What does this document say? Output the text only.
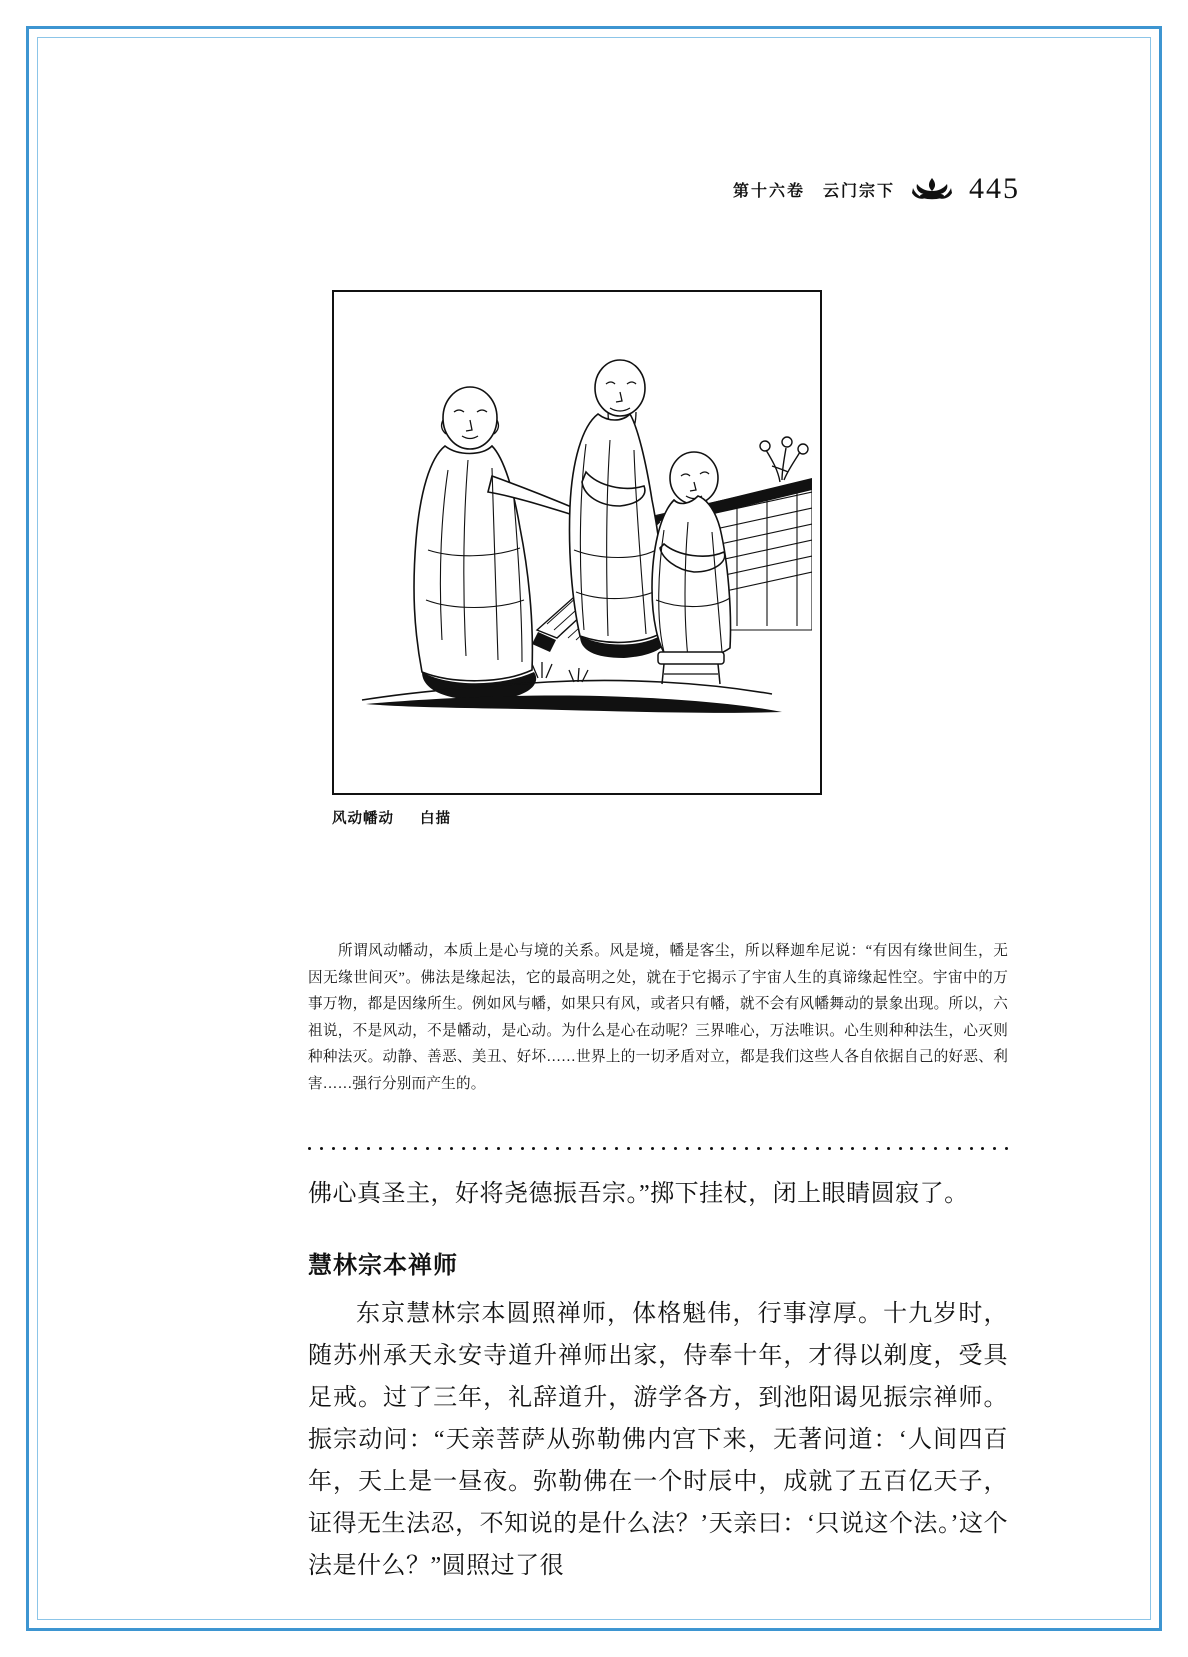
第十六卷　云门宗下 445
风动幡动 白描
所谓风动幡动，本质上是心与境的关系。风是境，幡是客尘，所以释迦牟尼说：“有因有缘世间生，无因无缘世间灭”。佛法是缘起法，它的最高明之处，就在于它揭示了宇宙人生的真谛缘起性空。宇宙中的万事万物，都是因缘所生。例如风与幡，如果只有风，或者只有幡，就不会有风幡舞动的景象出现。所以，六祖说，不是风动，不是幡动，是心动。为什么是心在动呢？三界唯心，万法唯识。心生则种种法生，心灭则种种法灭。动静、善恶、美丑、好坏……世界上的一切矛盾对立，都是我们这些人各自依据自己的好恶、利害……强行分别而产生的。
佛心真圣主，好将尧德振吾宗。”掷下挂杖，闭上眼睛圆寂了。
慧林宗本禅师
东京慧林宗本圆照禅师，体格魁伟，行事淳厚。十九岁时，随苏州承天永安寺道升禅师出家，侍奉十年，才得以剃度，受具足戒。过了三年，礼辞道升，游学各方，到池阳谒见振宗禅师。振宗动问：“天亲菩萨从弥勒佛内宫下来，无著问道：‘人间四百年，天上是一昼夜。弥勒佛在一个时辰中，成就了五百亿天子，证得无生法忍，不知说的是什么法？’天亲曰：‘只说这个法。’这个法是什么？”圆照过了很
